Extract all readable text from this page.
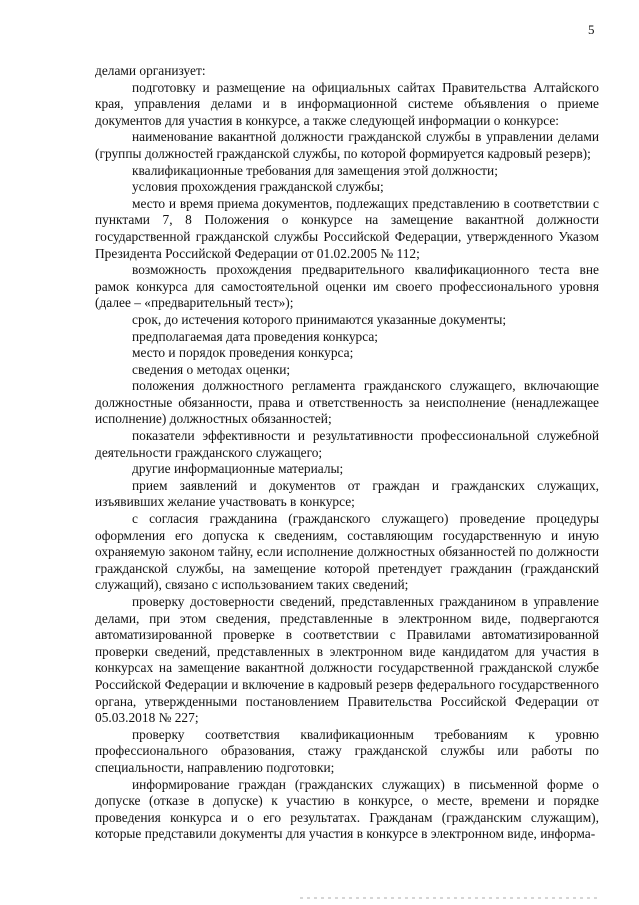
5

делами организует:

подготовку и размещение на официальных сайтах Правительства Алтайского края, управления делами и в информационной системе объявления о приеме документов для участия в конкурсе, а также следующей информации о конкурсе:

наименование вакантной должности гражданской службы в управлении делами (группы должностей гражданской службы, по которой формируется кадровый резерв);

квалификационные требования для замещения этой должности;

условия прохождения гражданской службы;

место и время приема документов, подлежащих представлению в соответствии с пунктами 7, 8 Положения о конкурсе на замещение вакантной должности государственной гражданской службы Российской Федерации, утвержденного Указом Президента Российской Федерации от 01.02.2005 № 112;

возможность прохождения предварительного квалификационного теста вне рамок конкурса для самостоятельной оценки им своего профессионального уровня (далее – «предварительный тест»);

срок, до истечения которого принимаются указанные документы;

предполагаемая дата проведения конкурса;

место и порядок проведения конкурса;

сведения о методах оценки;

положения должностного регламента гражданского служащего, включающие должностные обязанности, права и ответственность за неисполнение (ненадлежащее исполнение) должностных обязанностей;

показатели эффективности и результативности профессиональной служебной деятельности гражданского служащего;

другие информационные материалы;

прием заявлений и документов от граждан и гражданских служащих, изъявивших желание участвовать в конкурсе;

с согласия гражданина (гражданского служащего) проведение процедуры оформления его допуска к сведениям, составляющим государственную и иную охраняемую законом тайну, если исполнение должностных обязанностей по должности гражданской службы, на замещение которой претендует гражданин (гражданский служащий), связано с использованием таких сведений;

проверку достоверности сведений, представленных гражданином в управление делами, при этом сведения, представленные в электронном виде, подвергаются автоматизированной проверке в соответствии с Правилами автоматизированной проверки сведений, представленных в электронном виде кандидатом для участия в конкурсах на замещение вакантной должности государственной гражданской службе Российской Федерации и включение в кадровый резерв федерального государственного органа, утвержденными постановлением Правительства Российской Федерации от 05.03.2018 № 227;

проверку соответствия квалификационным требованиям к уровню профессионального образования, стажу гражданской службы или работы по специальности, направлению подготовки;

информирование граждан (гражданских служащих) в письменной форме о допуске (отказе в допуске) к участию в конкурсе, о месте, времени и порядке проведения конкурса и о его результатах. Гражданам (гражданским служащим), которые представили документы для участия в конкурсе в электронном виде, информа-
